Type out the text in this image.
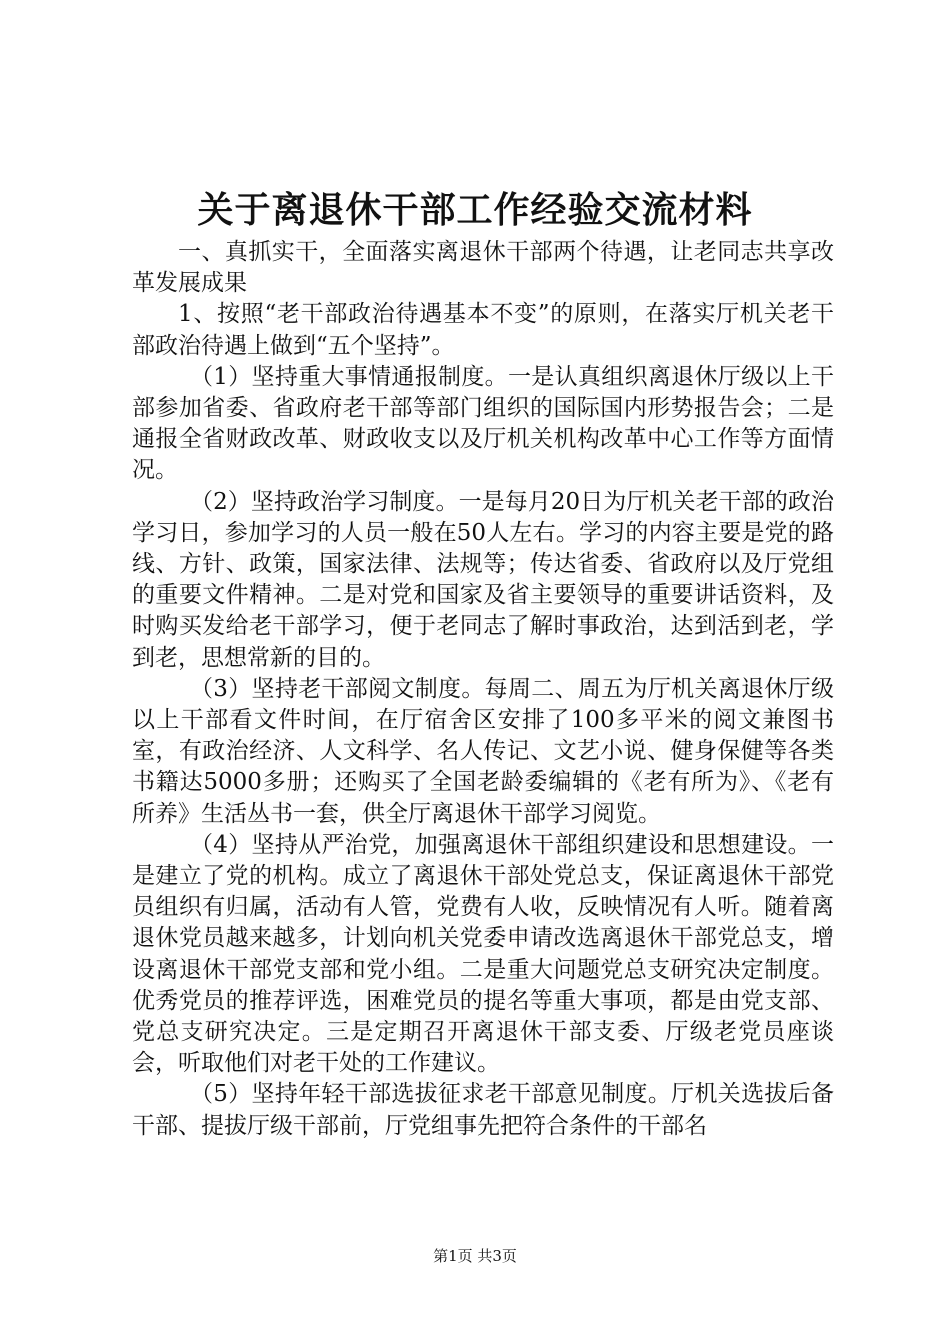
关于离退休干部工作经验交流材料

一、真抓实干，全面落实离退休干部两个待遇，让老同志共享改革发展成果

1、按照“老干部政治待遇基本不变”的原则，在落实厅机关老干部政治待遇上做到“五个坚持”。

（1）坚持重大事情通报制度。一是认真组织离退休厅级以上干部参加省委、省政府老干部等部门组织的国际国内形势报告会；二是通报全省财政改革、财政收支以及厅机关机构改革中心工作等方面情况。

（2）坚持政治学习制度。一是每月20日为厅机关老干部的政治学习日，参加学习的人员一般在50人左右。学习的内容主要是党的路线、方针、政策，国家法律、法规等；传达省委、省政府以及厅党组的重要文件精神。二是对党和国家及省主要领导的重要讲话资料，及时购买发给老干部学习，便于老同志了解时事政治，达到活到老，学到老，思想常新的目的。

（3）坚持老干部阅文制度。每周二、周五为厅机关离退休厅级以上干部看文件时间，在厅宿舍区安排了100多平米的阅文兼图书室，有政治经济、人文科学、名人传记、文艺小说、健身保健等各类书籍达5000多册；还购买了全国老龄委编辑的《老有所为》、《老有所养》生活丛书一套，供全厅离退休干部学习阅览。

（4）坚持从严治党，加强离退休干部组织建设和思想建设。一是建立了党的机构。成立了离退休干部处党总支，保证离退休干部党员组织有归属，活动有人管，党费有人收，反映情况有人听。随着离退休党员越来越多，计划向机关党委申请改选离退休干部党总支，增设离退休干部党支部和党小组。二是重大问题党总支研究决定制度。优秀党员的推荐评选，困难党员的提名等重大事项，都是由党支部、党总支研究决定。三是定期召开离退休干部支委、厅级老党员座谈会，听取他们对老干处的工作建议。

（5）坚持年轻干部选拔征求老干部意见制度。厅机关选拔后备干部、提拔厅级干部前，厅党组事先把符合条件的干部名

第1页 共3页
